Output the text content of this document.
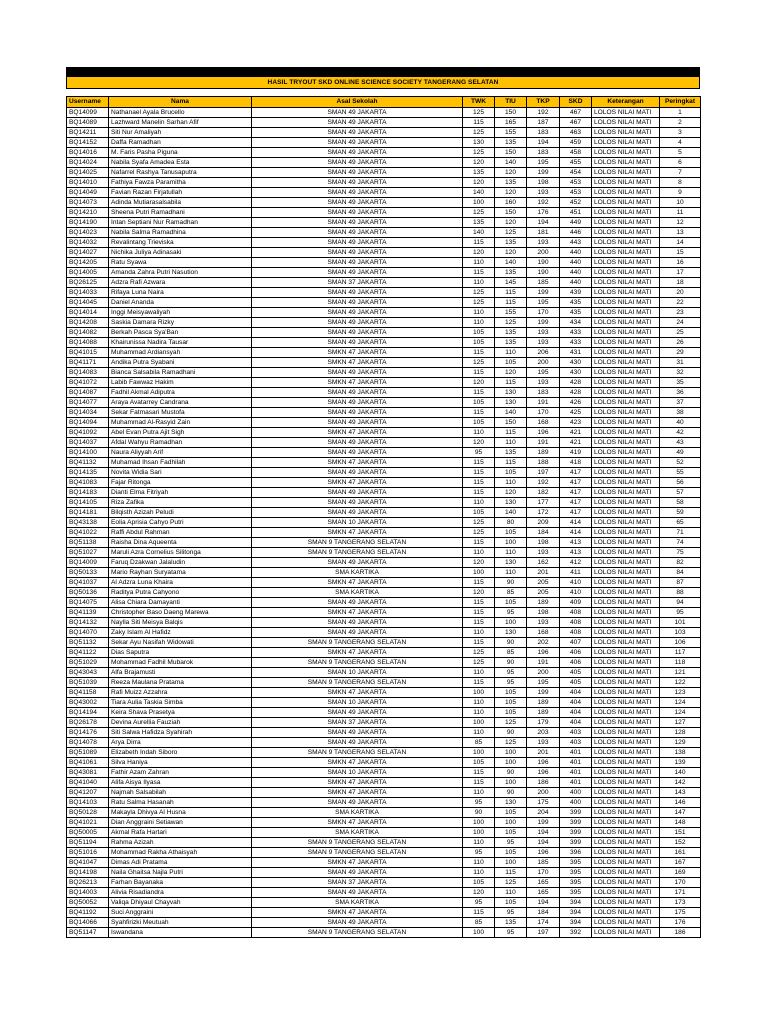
HASIL TRYOUT SKD ONLINE SCIENCE SOCIETY TANGERANG SELATAN
Username	Nama	Asal Sekolah	TWK	TIU	TKP	SKD	Keterangan	Peringkat
BQ14099	Nathanael Ayala Brucello	SMAN 49 JAKARTA	125	150	192	467	LOLOS NILAI MATI	1
BQ14089	Lazhward Manelin Sarhan Afif	SMAN 49 JAKARTA	115	165	187	467	LOLOS NILAI MATI	2
BQ14211	Siti Nur Amaliyah	SMAN 49 JAKARTA	125	155	183	463	LOLOS NILAI MATI	3
BQ14152	Daffa Ramadhan	SMAN 49 JAKARTA	130	135	194	459	LOLOS NILAI MATI	4
BQ14016	M. Faris Pasha Piguna	SMAN 49 JAKARTA	125	150	183	458	LOLOS NILAI MATI	5
BQ14024	Nabila Syafa Amadea Esta	SMAN 49 JAKARTA	120	140	195	455	LOLOS NILAI MATI	6
BQ14025	Nafarrel Rashya Tanusaputra	SMAN 49 JAKARTA	135	120	199	454	LOLOS NILAI MATI	7
BQ14010	Fathiya Fawza Paramitha	SMAN 49 JAKARTA	120	135	198	453	LOLOS NILAI MATI	8
BQ14049	Favian Razan Firjatullah	SMAN 49 JAKARTA	140	120	193	453	LOLOS NILAI MATI	9
BQ14073	Adinda Mutiarasalsabila	SMAN 49 JAKARTA	100	160	192	452	LOLOS NILAI MATI	10
BQ14210	Sheena Putri Ramadhani	SMAN 49 JAKARTA	125	150	176	451	LOLOS NILAI MATI	11
BQ14190	Intan Septiani Nur Ramadhan	SMAN 49 JAKARTA	135	120	194	449	LOLOS NILAI MATI	12
BQ14023	Nabila Salma Ramadhina	SMAN 49 JAKARTA	140	125	181	446	LOLOS NILAI MATI	13
BQ14032	Revalintang Trieviska	SMAN 49 JAKARTA	115	135	193	443	LOLOS NILAI MATI	14
BQ14027	Nichika Juliya Adinasaki	SMAN 49 JAKARTA	120	120	200	440	LOLOS NILAI MATI	15
BQ14205	Ratu Syawa	SMAN 49 JAKARTA	110	140	190	440	LOLOS NILAI MATI	16
BQ14005	Amanda Zahra Putri Nasution	SMAN 49 JAKARTA	115	135	190	440	LOLOS NILAI MATI	17
BQ26125	Adzra Rafi Azwara	SMAN 37 JAKARTA	110	145	185	440	LOLOS NILAI MATI	18
BQ14033	Rifaya Luna Naira	SMAN 49 JAKARTA	125	115	199	439	LOLOS NILAI MATI	20
BQ14045	Daniel Ananda	SMAN 49 JAKARTA	125	115	195	435	LOLOS NILAI MATI	22
BQ14014	Inggi Meisyawaliyah	SMAN 49 JAKARTA	110	155	170	435	LOLOS NILAI MATI	23
BQ14208	Saskia Damara Rizky	SMAN 49 JAKARTA	110	125	199	434	LOLOS NILAI MATI	24
BQ14082	Berkah Pasca Sya'Ban	SMAN 49 JAKARTA	105	135	193	433	LOLOS NILAI MATI	25
BQ14088	Khairunissa Nadira Tausar	SMAN 49 JAKARTA	105	135	193	433	LOLOS NILAI MATI	26
BQ41015	Muhammad Ardiansyah	SMKN 47 JAKARTA	115	110	206	431	LOLOS NILAI MATI	29
BQ41171	Andika Putra Syabani	SMKN 47 JAKARTA	125	105	200	430	LOLOS NILAI MATI	31
BQ14083	Bianca Salsabila Ramadhani	SMAN 49 JAKARTA	115	120	195	430	LOLOS NILAI MATI	32
BQ41072	Labib Fawwaz Hakim	SMKN 47 JAKARTA	120	115	193	428	LOLOS NILAI MATI	35
BQ14087	Fadhil Akmal Adiputra	SMAN 49 JAKARTA	115	130	183	428	LOLOS NILAI MATI	36
BQ14077	Araya Avatarrey Candrana	SMAN 49 JAKARTA	105	130	191	426	LOLOS NILAI MATI	37
BQ14034	Sekar Fatmasari Mustofa	SMAN 49 JAKARTA	115	140	170	425	LOLOS NILAI MATI	38
BQ14094	Muhammad Al-Rasyid Zain	SMAN 49 JAKARTA	105	150	168	423	LOLOS NILAI MATI	40
BQ41092	Abel Evan Putra Ajit Sigh	SMKN 47 JAKARTA	110	115	196	421	LOLOS NILAI MATI	42
BQ14037	Afdal Wahyu Ramadhan	SMAN 49 JAKARTA	120	110	191	421	LOLOS NILAI MATI	43
BQ14100	Naura Aliyyah Arif	SMAN 49 JAKARTA	95	135	189	419	LOLOS NILAI MATI	49
BQ41132	Muhamad Ihsan Fadhilah	SMKN 47 JAKARTA	115	115	188	418	LOLOS NILAI MATI	52
BQ14135	Novita Widia Sari	SMAN 49 JAKARTA	115	105	197	417	LOLOS NILAI MATI	55
BQ41083	Fajar Ritonga	SMKN 47 JAKARTA	115	110	192	417	LOLOS NILAI MATI	56
BQ14183	Dianti Elma Fitriyah	SMAN 49 JAKARTA	115	120	182	417	LOLOS NILAI MATI	57
BQ14105	Riza Zafika	SMAN 49 JAKARTA	110	130	177	417	LOLOS NILAI MATI	58
BQ14181	Bilqisth Azizah Peludi	SMAN 49 JAKARTA	105	140	172	417	LOLOS NILAI MATI	59
BQ43138	Eolia Aprisia Cahyo Putri	SMAN 10 JAKARTA	125	80	209	414	LOLOS NILAI MATI	65
BQ41022	Raffi Abdul Rahman	SMKN 47 JAKARTA	125	105	184	414	LOLOS NILAI MATI	71
BQ51138	Raisha Dina Aqueenta	SMAN 9 TANGERANG SELATAN	115	100	198	413	LOLOS NILAI MATI	74
BQ51027	Maruli Azra Cornelius Silitonga	SMAN 9 TANGERANG SELATAN	110	110	193	413	LOLOS NILAI MATI	75
BQ14009	Faruq Dzakwan Jalaludin	SMAN 49 JAKARTA	120	130	162	412	LOLOS NILAI MATI	82
BQ50133	Mario Rayhan Suryatama	SMA KARTIKA	100	110	201	411	LOLOS NILAI MATI	84
BQ41037	Al Adzra Luna Khaira	SMKN 47 JAKARTA	115	90	205	410	LOLOS NILAI MATI	87
BQ50136	Raditya Putra Cahyono	SMA KARTIKA	120	85	205	410	LOLOS NILAI MATI	88
BQ14075	Alisa Chiara Damayanti	SMAN 49 JAKARTA	115	105	189	409	LOLOS NILAI MATI	94
BQ41139	Christopher Baso Daeng Marewa	SMKN 47 JAKARTA	115	95	198	408	LOLOS NILAI MATI	95
BQ14132	Naylla Siti Meisya Balqis	SMAN 49 JAKARTA	115	100	193	408	LOLOS NILAI MATI	101
BQ14070	Zaky Islam Al Hafidz	SMAN 49 JAKARTA	110	130	168	408	LOLOS NILAI MATI	103
BQ51132	Sekar Ayu Nasifah Widowati	SMAN 9 TANGERANG SELATAN	115	90	202	407	LOLOS NILAI MATI	106
BQ41122	Dias Saputra	SMKN 47 JAKARTA	125	85	196	406	LOLOS NILAI MATI	117
BQ51029	Mohammad Fadhil Mubarok	SMAN 9 TANGERANG SELATAN	125	90	191	406	LOLOS NILAI MATI	118
BQ43043	Alfa Brajamusti	SMAN 10 JAKARTA	110	95	200	405	LOLOS NILAI MATI	121
BQ51039	Reeza Maulana Pratama	SMAN 9 TANGERANG SELATAN	115	95	195	405	LOLOS NILAI MATI	122
BQ41158	Rafi Muizz Azzahra	SMKN 47 JAKARTA	100	105	199	404	LOLOS NILAI MATI	123
BQ43002	Tiara Aulia Taskia Simba	SMAN 10 JAKARTA	110	105	189	404	LOLOS NILAI MATI	124
BQ14194	Keira Shava Prasetya	SMAN 49 JAKARTA	110	105	189	404	LOLOS NILAI MATI	124
BQ26178	Devina Aurellia Fauziah	SMAN 37 JAKARTA	100	125	179	404	LOLOS NILAI MATI	127
BQ14176	Siti Salwa Hafidza Syahirah	SMAN 49 JAKARTA	110	90	203	403	LOLOS NILAI MATI	128
BQ14078	Arya Dirra	SMAN 49 JAKARTA	85	125	193	403	LOLOS NILAI MATI	129
BQ51089	Elizabeth Indah Siboro	SMAN 9 TANGERANG SELATAN	100	100	201	401	LOLOS NILAI MATI	138
BQ41061	Silva Haniya	SMKN 47 JAKARTA	105	100	196	401	LOLOS NILAI MATI	139
BQ43081	Fathir Azam Zahran	SMAN 10 JAKARTA	115	90	196	401	LOLOS NILAI MATI	140
BQ41040	Alifa Aisya Ilyasa	SMKN 47 JAKARTA	115	100	186	401	LOLOS NILAI MATI	142
BQ41207	Najmah Salsabilah	SMKN 47 JAKARTA	110	90	200	400	LOLOS NILAI MATI	143
BQ14103	Ratu Salma Hasanah	SMAN 49 JAKARTA	95	130	175	400	LOLOS NILAI MATI	146
BQ50128	Makayla Dhivya Al Husna	SMA KARTIKA	90	105	204	399	LOLOS NILAI MATI	147
BQ41021	Dian Anggraini Setiawan	SMKN 47 JAKARTA	100	100	199	399	LOLOS NILAI MATI	148
BQ50005	Akmal Rafa Hartari	SMA KARTIKA	100	105	194	399	LOLOS NILAI MATI	151
BQ51194	Rahma Azizah	SMAN 9 TANGERANG SELATAN	110	95	194	399	LOLOS NILAI MATI	152
BQ51016	Mohammad Rakha Athaisyah	SMAN 9 TANGERANG SELATAN	95	105	196	396	LOLOS NILAI MATI	161
BQ41047	Dimas Adi Pratama	SMKN 47 JAKARTA	110	100	185	395	LOLOS NILAI MATI	167
BQ14198	Naila Ghaitsa Najla Putri	SMAN 49 JAKARTA	110	115	170	395	LOLOS NILAI MATI	169
BQ26213	Farhan Bayanaka	SMAN 37 JAKARTA	105	125	165	395	LOLOS NILAI MATI	170
BQ14003	Alivia Risadiandra	SMAN 49 JAKARTA	120	110	165	395	LOLOS NILAI MATI	171
BQ50052	Valiqa Dhiyaul Chayvah	SMA KARTIKA	95	105	194	394	LOLOS NILAI MATI	173
BQ41192	Suci Anggraini	SMKN 47 JAKARTA	115	95	184	394	LOLOS NILAI MATI	175
BQ14066	Syahfirizki Meutuah	SMAN 49 JAKARTA	85	135	174	394	LOLOS NILAI MATI	176
BQ51147	Iswandana	SMAN 9 TANGERANG SELATAN	100	95	197	392	LOLOS NILAI MATI	186
